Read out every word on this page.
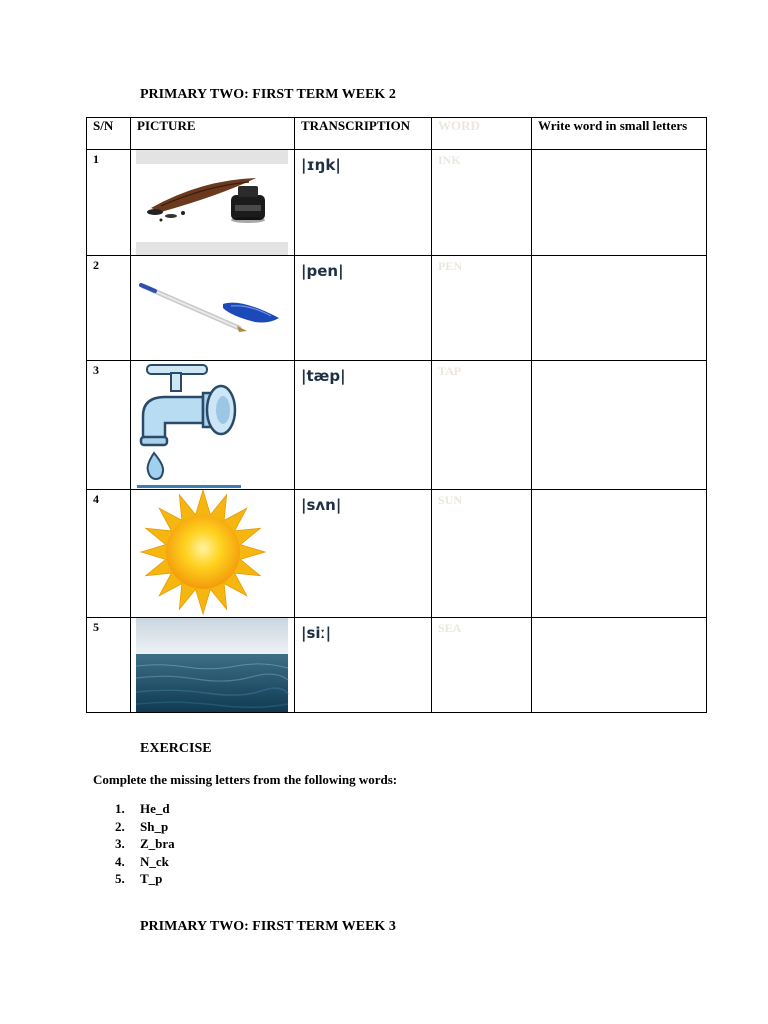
PRIMARY TWO: FIRST TERM WEEK 2
S/N	PICTURE	TRANSCRIPTION	WORD	Write word in small letters
1		|ɪŋk|	INK	
2		|pen|	PEN	
3		|tæp|	TAP	
4		|sʌn|	SUN	
5		|siː|	SEA	
EXERCISE
Complete the missing letters from the following words:
1. He_d
2. Sh_p
3. Z_bra
4. N_ck
5. T_p
PRIMARY TWO: FIRST TERM WEEK 3
